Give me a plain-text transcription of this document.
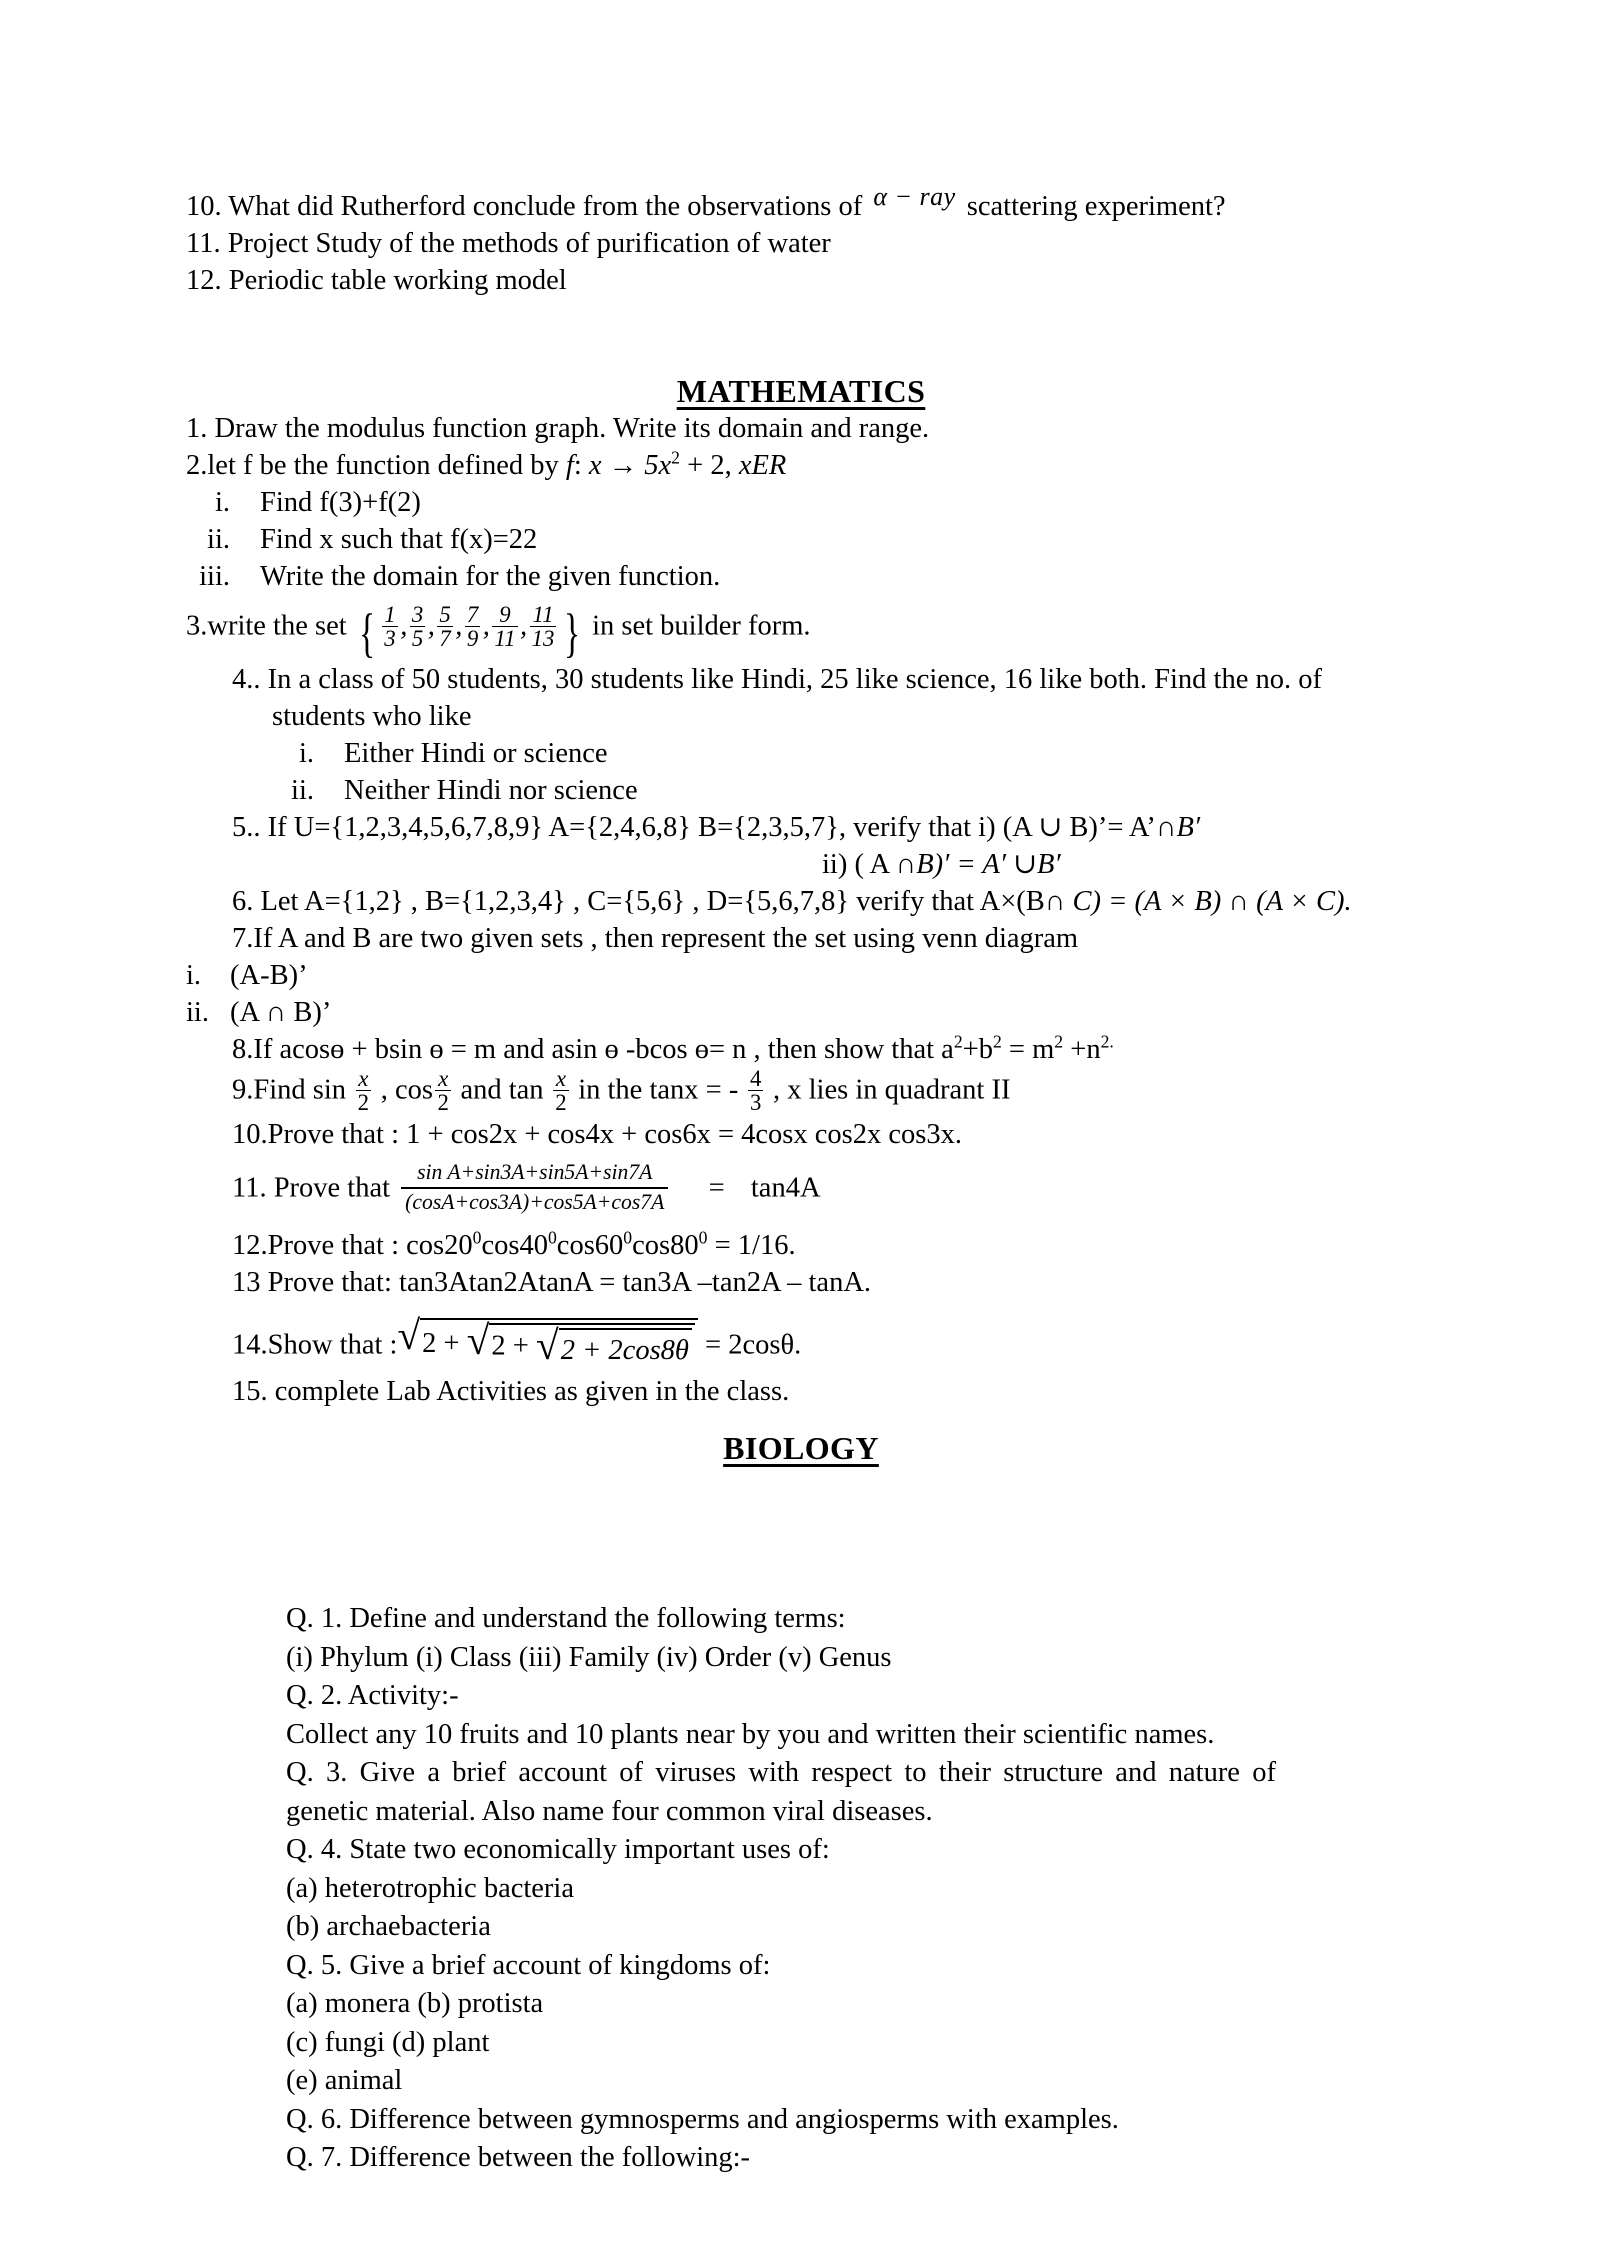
10. What did Rutherford conclude from the observations of α − ray scattering experiment?
11. Project Study of the methods of purification of water
12. Periodic table working model
MATHEMATICS
1. Draw the modulus function graph. Write its domain and range.
2.let f be the function defined by f: $x \to 5x^2 + 2$, xER
i.	Find f(3)+f(2)
ii.	Find x such that f(x)=22
iii.	Write the domain for the given function.
3.write the set { $\frac{1}{3}$ , $\frac{3}{5}$ , $\frac{5}{7}$ , $\frac{7}{9}$ , $\frac{9}{11}$ , $\frac{11}{13}$ } in set builder form.
4.. In a class of 50 students, 30 students like Hindi, 25 like science, 16 like both. Find the no. of
students who like
i.	Either Hindi or science
ii.	Neither Hindi nor science
5.. If U={1,2,3,4,5,6,7,8,9} A={2,4,6,8} B={2,3,5,7}, verify that i) (A ∪ B)’= A’∩B′
ii) ( A ∩B)′ = A′ ∪B′
6. Let A={1,2} , B={1,2,3,4} , C={5,6} , D={5,6,7,8} verify that A×(B∩ C) = (A × B) ∩ (A × C).
7.If A and B are two given sets , then represent the set using venn diagram
i. (A-B)’
ii. (A ∩ B)’
8.If acosɵ + bsin ɵ = m and asin ɵ -bcos ɵ= n , then show that $a^2+b^2 = m^2 +n^{2.}$
9.Find $\sin \frac{x}{2}$ , $\cos \frac{x}{2}$ and $\tan \frac{x}{2}$ in the tanx = - $\frac{4}{3}$ , x lies in quadrant II
10.Prove that : 1 + cos2x + cos4x + cos6x = 4cosx cos2x cos3x.
11. Prove that $\frac{\text{sin A+sin3A+sin5A+sin7A}}{(\cos A+\cos 3A)+\cos 5A+\cos 7A} = \tan 4A$
12.Prove that : $\cos 20^0\cos 40^0\cos 60^0\cos 80^0 = 1/16$.
13 Prove that: tan3Atan2AtanA = tan3A –tan2A – tanA.
14.Show that : √ 2 + √ 2 + √ 2 + 2cos8θ = 2cosθ.
15. complete Lab Activities as given in the class.
BIOLOGY
Q. 1. Define and understand the following terms:
(i) Phylum (i) Class (iii) Family (iv) Order (v) Genus
Q. 2. Activity:-
Collect any 10 fruits and 10 plants near by you and written their scientific names.
Q. 3. Give a brief account of viruses with respect to their structure and nature of genetic material. Also name four common viral diseases.
Q. 4. State two economically important uses of:
(a) heterotrophic bacteria
(b) archaebacteria
Q. 5. Give a brief account of kingdoms of:
(a) monera (b) protista
(c) fungi (d) plant
(e) animal
Q. 6. Difference between gymnosperms and angiosperms with examples.
Q. 7. Difference between the following:-
